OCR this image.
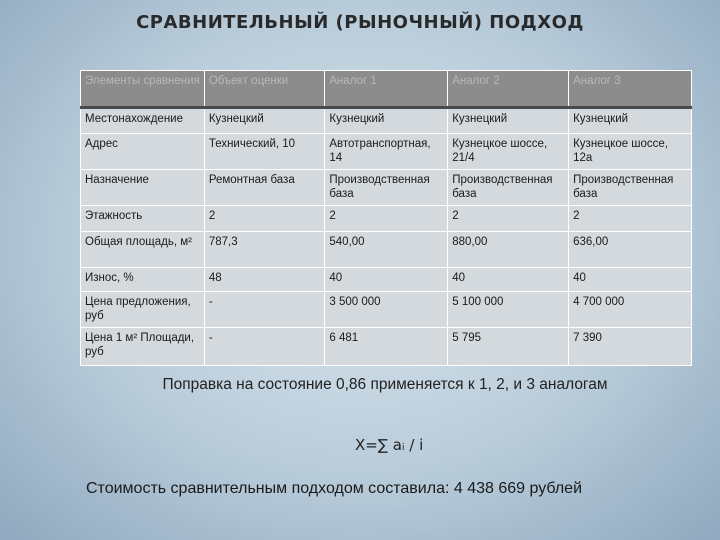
СРАВНИТЕЛЬНЫЙ (РЫНОЧНЫЙ) ПОДХОД
Элементы сравнения	Объект оценки	Аналог 1	Аналог 2	Аналог 3
Местонахождение	Кузнецкий	Кузнецкий	Кузнецкий	Кузнецкий
Адрес	Технический, 10	Автотранспортная, 14	Кузнецкое шоссе, 21/4	Кузнецкое шоссе, 12а
Назначение	Ремонтная база	Производственная база	Производственная база	Производственная база
Этажность	2	2	2	2
Общая площадь, м²	787,3	540,00	880,00	636,00
Износ, %	48	40	40	40
Цена предложения, руб	-	3 500 000	5 100 000	4 700 000
Цена 1 м² Площади, руб	-	6 481	5 795	7 390
Поправка на состояние 0,86 применяется к 1, 2, и 3 аналогам
X=∑ aᵢ / i
Стоимость сравнительным подходом составила: 4 438 669 рублей
